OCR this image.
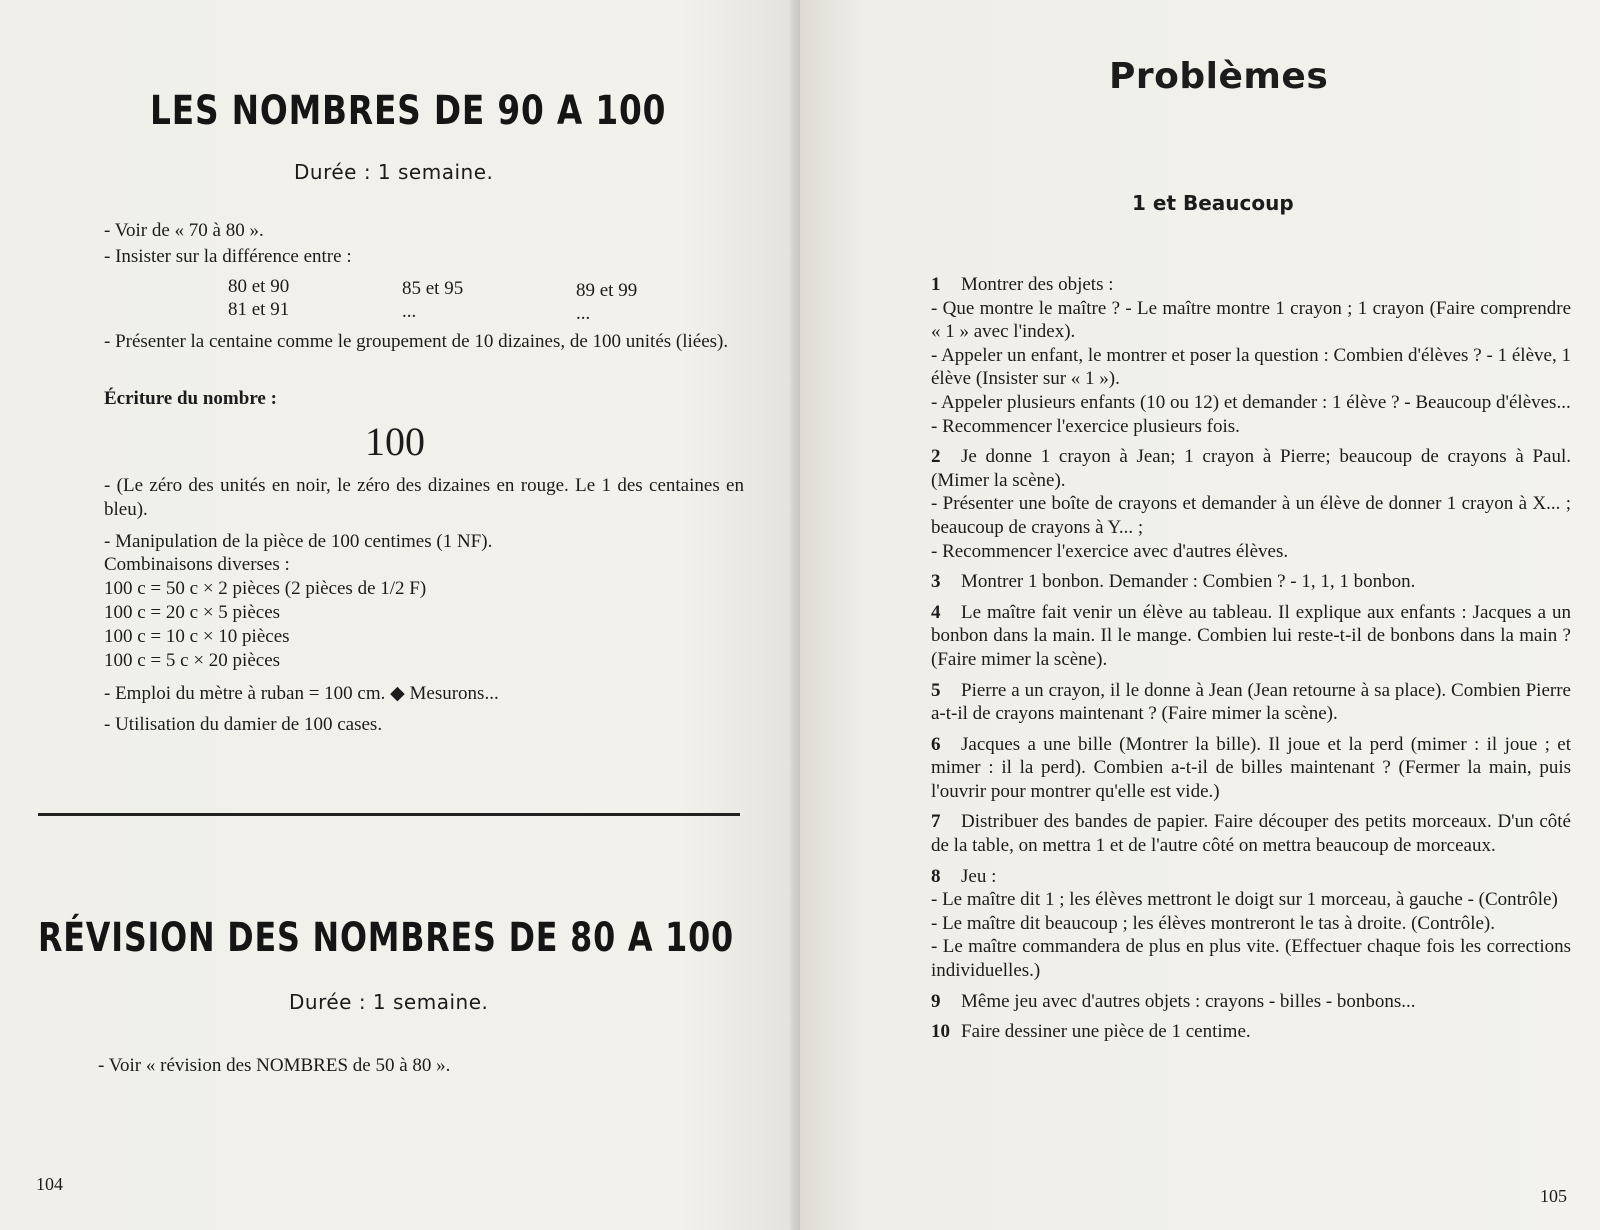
LES NOMBRES DE 90 A 100
Durée : 1 semaine.
- Voir de « 70 à 80 ».
- Insister sur la différence entre :
80 et 90
81 et 91
85 et 95
...
89 et 99
...

- Présenter la centaine comme le groupement de 10 dizaines, de 100 unités (liées).

Écriture du nombre :
100

- (Le zéro des unités en noir, le zéro des dizaines en rouge. Le 1 des centaines en bleu).

- Manipulation de la pièce de 100 centimes (1 NF).
Combinaisons diverses :
100 c = 50 c × 2 pièces (2 pièces de 1/2 F)
100 c = 20 c × 5 pièces
100 c = 10 c × 10 pièces
100 c = 5 c × 20 pièces
- Emploi du mètre à ruban = 100 cm. ◆ Mesurons...
- Utilisation du damier de 100 cases.
RÉVISION DES NOMBRES DE 80 A 100
Durée : 1 semaine.
- Voir « révision des NOMBRES de 50 à 80 ».
104
Problèmes
1 et Beaucoup
1 Montrer des objets :
- Que montre le maître ? - Le maître montre 1 crayon ; 1 crayon (Faire comprendre « 1 » avec l'index).
- Appeler un enfant, le montrer et poser la question : Combien d'élèves ? - 1 élève, 1 élève (Insister sur « 1 »).
- Appeler plusieurs enfants (10 ou 12) et demander : 1 élève ? - Beaucoup d'élèves...
- Recommencer l'exercice plusieurs fois.
2 Je donne 1 crayon à Jean; 1 crayon à Pierre; beaucoup de crayons à Paul. (Mimer la scène).
- Présenter une boîte de crayons et demander à un élève de donner 1 crayon à X... ; beaucoup de crayons à Y... ;
- Recommencer l'exercice avec d'autres élèves.
3 Montrer 1 bonbon. Demander : Combien ? - 1, 1, 1 bonbon.
4 Le maître fait venir un élève au tableau. Il explique aux enfants : Jacques a un bonbon dans la main. Il le mange. Combien lui reste-t-il de bonbons dans la main ? (Faire mimer la scène).
5 Pierre a un crayon, il le donne à Jean (Jean retourne à sa place). Combien Pierre a-t-il de crayons maintenant ? (Faire mimer la scène).
6 Jacques a une bille (Montrer la bille). Il joue et la perd (mimer : il joue ; et mimer : il la perd). Combien a-t-il de billes maintenant ? (Fermer la main, puis l'ouvrir pour montrer qu'elle est vide.)
7 Distribuer des bandes de papier. Faire découper des petits morceaux. D'un côté de la table, on mettra 1 et de l'autre côté on mettra beaucoup de morceaux.
8 Jeu :
- Le maître dit 1 ; les élèves mettront le doigt sur 1 morceau, à gauche - (Contrôle)
- Le maître dit beaucoup ; les élèves montreront le tas à droite. (Contrôle).
- Le maître commandera de plus en plus vite. (Effectuer chaque fois les corrections individuelles.)
9 Même jeu avec d'autres objets : crayons - billes - bonbons...
10 Faire dessiner une pièce de 1 centime.
105
